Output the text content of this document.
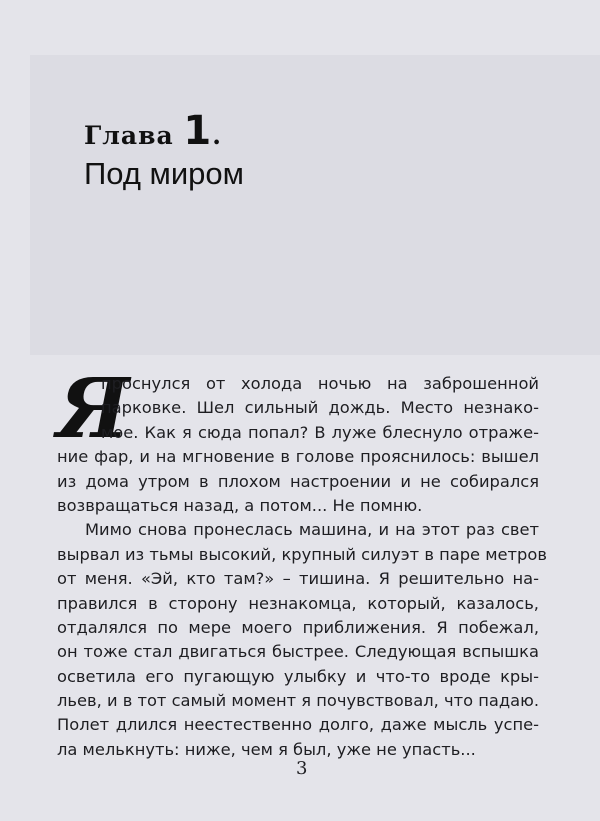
Глава 1.
Под миром
Я
проснулся от холода ночью на заброшенной
парковке. Шел сильный дождь. Место незнако-
мое. Как я сюда попал? В луже блеснуло отраже-
ние фар, и на мгновение в голове прояснилось: вышел
из дома утром в плохом настроении и не собирался
возвращаться назад, а потом... Не помню.
Мимо снова пронеслась машина, и на этот раз свет
вырвал из тьмы высокий, крупный силуэт в паре метров
от меня. «Эй, кто там?» – тишина. Я решительно на-
правился в сторону незнакомца, который, казалось,
отдалялся по мере моего приближения. Я побежал,
он тоже стал двигаться быстрее. Следующая вспышка
осветила его пугающую улыбку и что-то вроде кры-
льев, и в тот самый момент я почувствовал, что падаю.
Полет длился неестественно долго, даже мысль успе-
ла мелькнуть: ниже, чем я был, уже не упасть...
3
